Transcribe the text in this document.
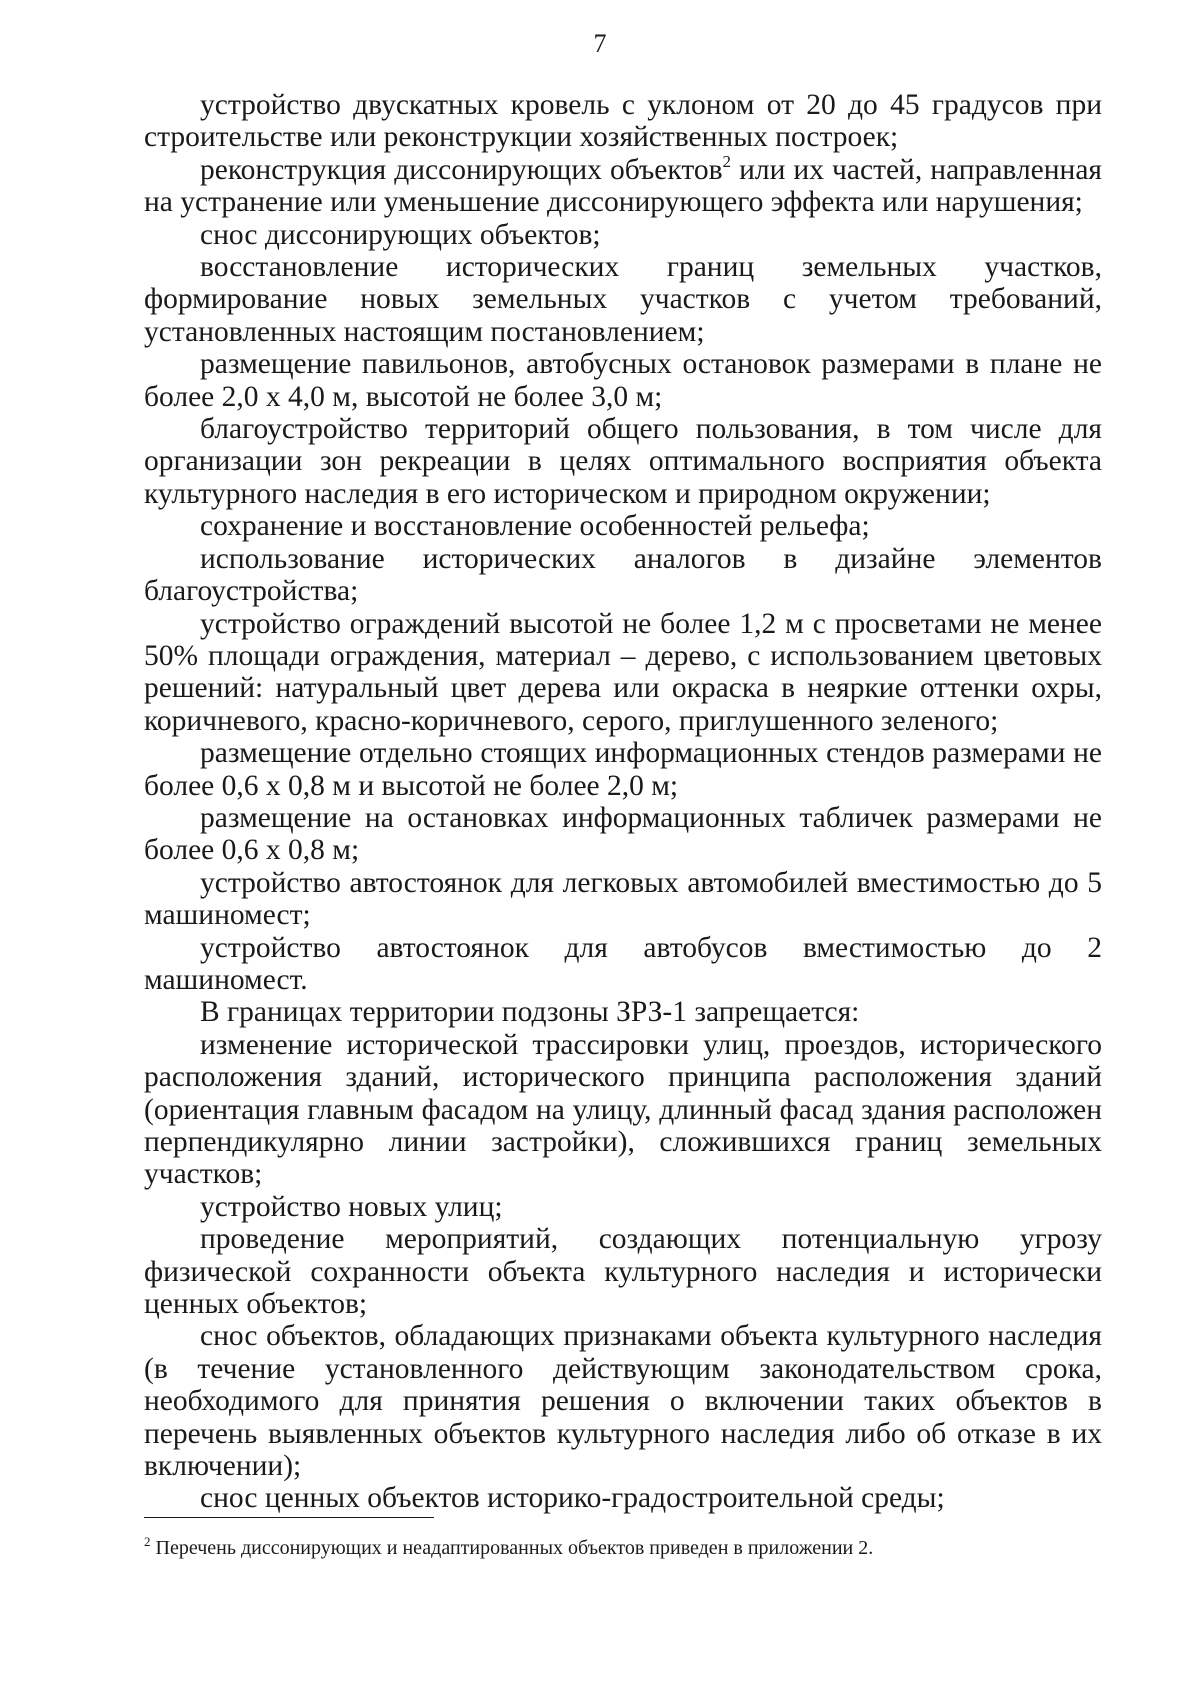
7

устройство двускатных кровель с уклоном от 20 до 45 градусов при строительстве или реконструкции хозяйственных построек;

реконструкция диссонирующих объектов$^2$ или их частей, направленная на устранение или уменьшение диссонирующего эффекта или нарушения;

снос диссонирующих объектов;

восстановление исторических границ земельных участков, формирование новых земельных участков с учетом требований, установленных настоящим постановлением;

размещение павильонов, автобусных остановок размерами в плане не более 2,0 х 4,0 м, высотой не более 3,0 м;

благоустройство территорий общего пользования, в том числе для организации зон рекреации в целях оптимального восприятия объекта культурного наследия в его историческом и природном окружении;

сохранение и восстановление особенностей рельефа;

использование исторических аналогов в дизайне элементов благоустройства;

устройство ограждений высотой не более 1,2 м с просветами не менее 50% площади ограждения, материал – дерево, с использованием цветовых решений: натуральный цвет дерева или окраска в неяркие оттенки охры, коричневого, красно-коричневого, серого, приглушенного зеленого;

размещение отдельно стоящих информационных стендов размерами не более 0,6 х 0,8 м и высотой не более 2,0 м;

размещение на остановках информационных табличек размерами не более 0,6 х 0,8 м;

устройство автостоянок для легковых автомобилей вместимостью до 5 машиномест;

устройство автостоянок для автобусов вместимостью до 2 машиномест.

В границах территории подзоны ЗРЗ-1 запрещается:

изменение исторической трассировки улиц, проездов, исторического расположения зданий, исторического принципа расположения зданий (ориентация главным фасадом на улицу, длинный фасад здания расположен перпендикулярно линии застройки), сложившихся границ земельных участков;

устройство новых улиц;

проведение мероприятий, создающих потенциальную угрозу физической сохранности объекта культурного наследия и исторически ценных объектов;

снос объектов, обладающих признаками объекта культурного наследия (в течение установленного действующим законодательством срока, необходимого для принятия решения о включении таких объектов в перечень выявленных объектов культурного наследия либо об отказе в их включении);

снос ценных объектов историко-градостроительной среды;

$^2$ Перечень диссонирующих и неадаптированных объектов приведен в приложении 2.
